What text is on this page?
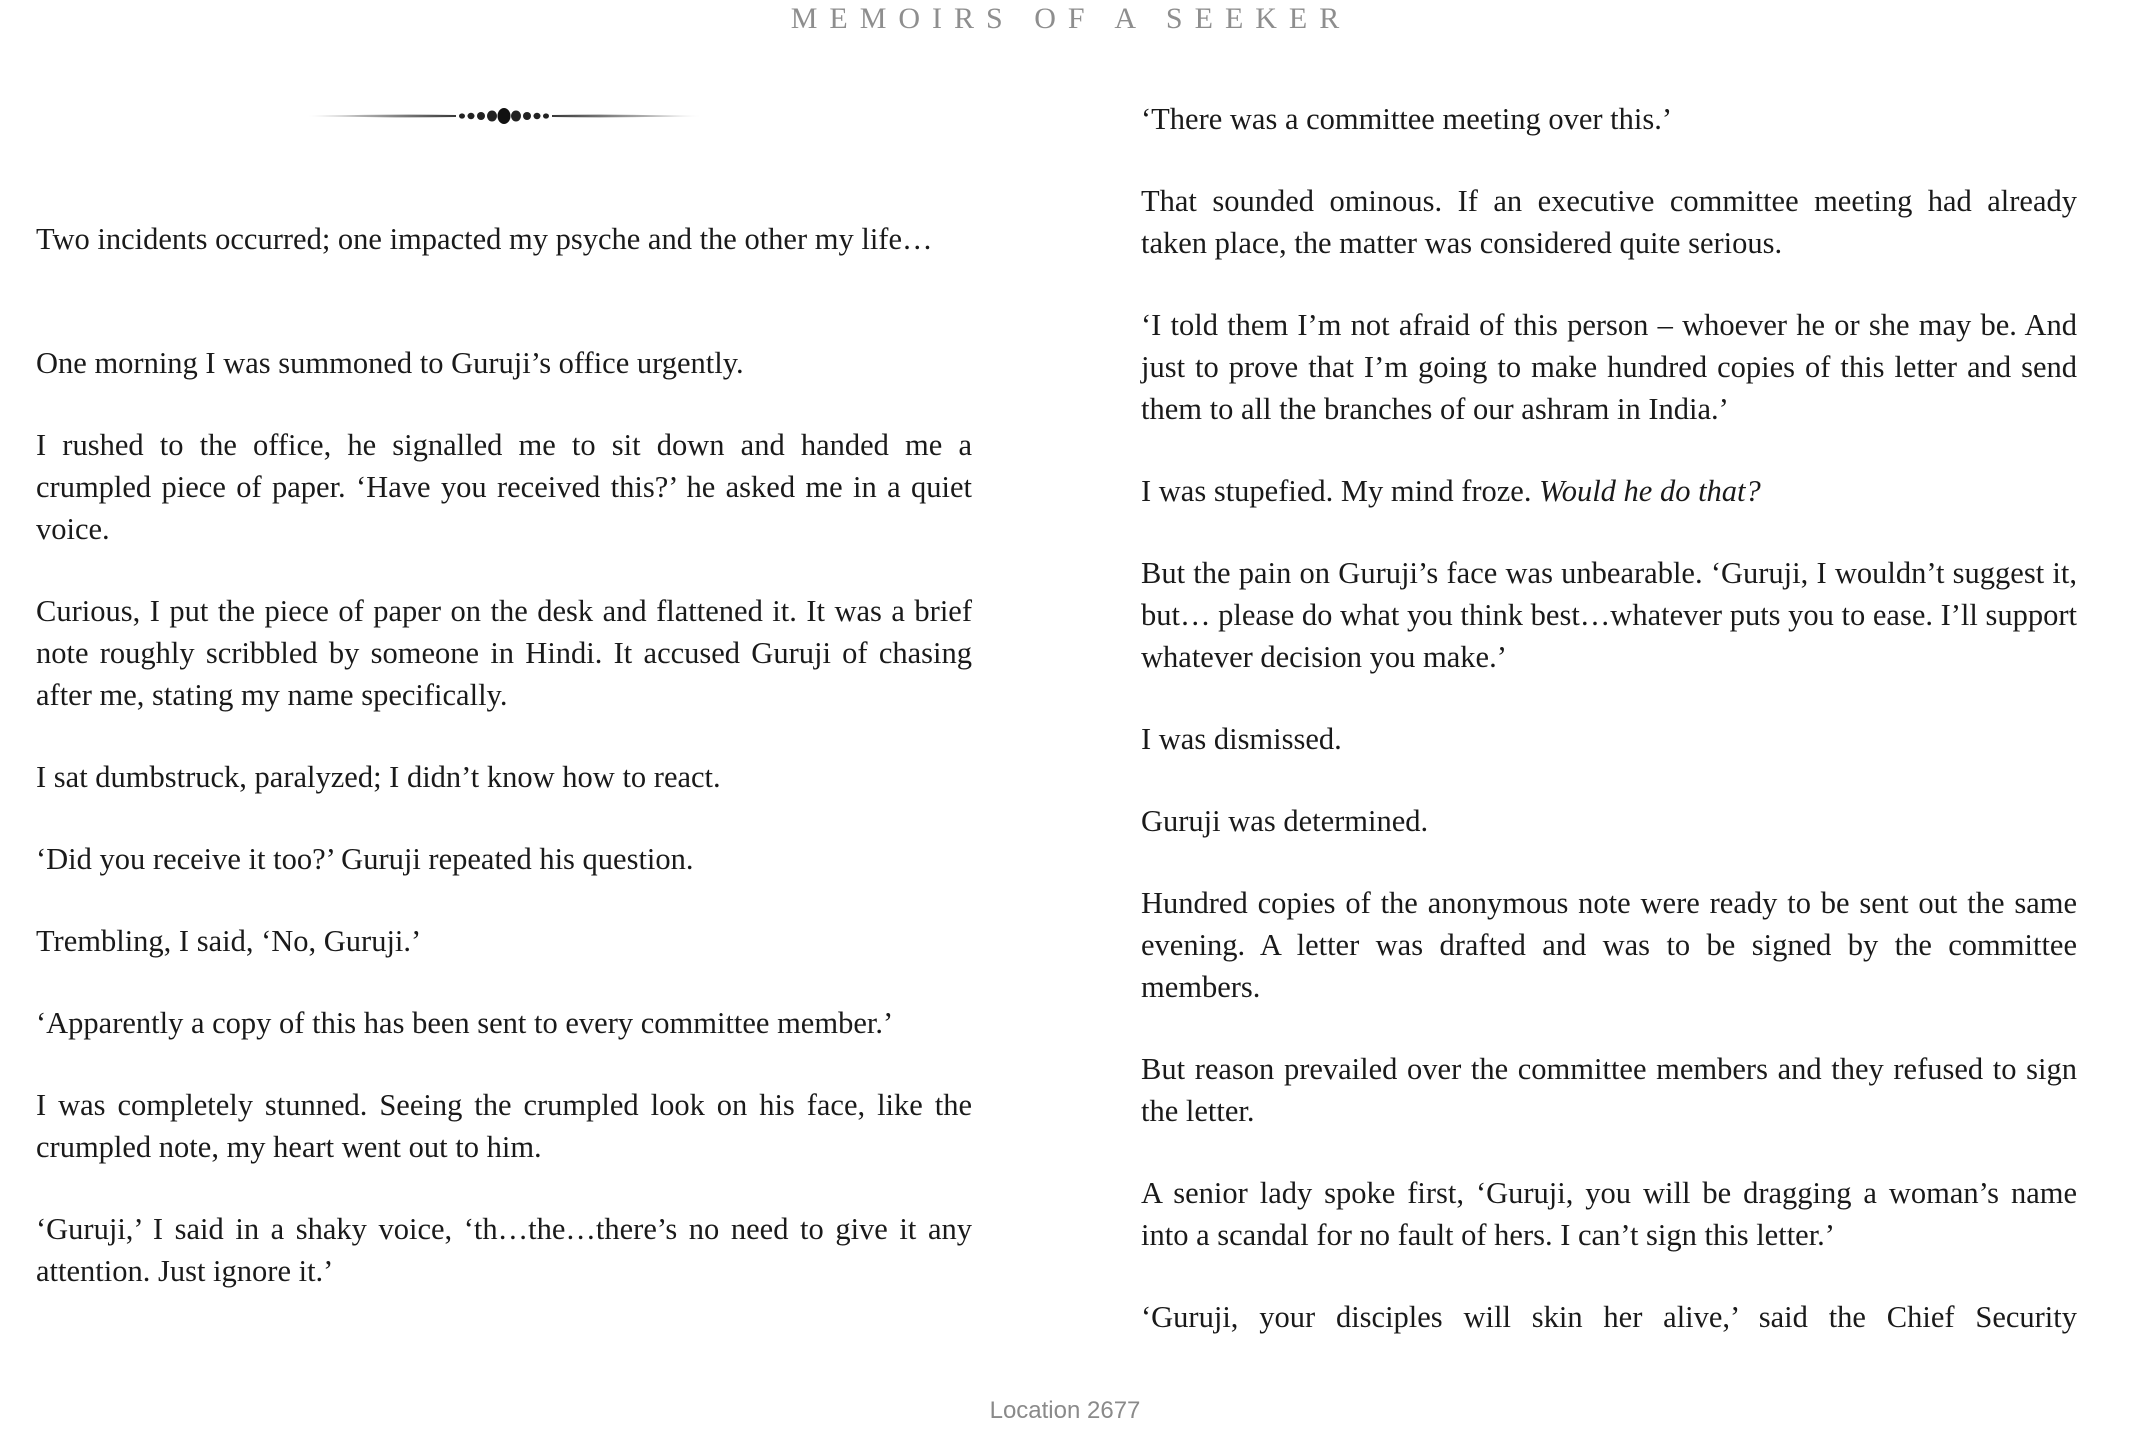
MEMOIRS OF A SEEKER

Two incidents occurred; one impacted my psyche and the other my life…

One morning I was summoned to Guruji’s office urgently.

I rushed to the office, he signalled me to sit down and handed me a crumpled piece of paper. ‘Have you received this?’ he asked me in a quiet voice.

Curious, I put the piece of paper on the desk and flattened it. It was a brief note roughly scribbled by someone in Hindi. It accused Guruji of chasing after me, stating my name specifically.

I sat dumbstruck, paralyzed; I didn’t know how to react.

‘Did you receive it too?’ Guruji repeated his question.

Trembling, I said, ‘No, Guruji.’

‘Apparently a copy of this has been sent to every committee member.’

I was completely stunned. Seeing the crumpled look on his face, like the crumpled note, my heart went out to him.

‘Guruji,’ I said in a shaky voice, ‘th…the…there’s no need to give it any attention. Just ignore it.’

‘There was a committee meeting over this.’

That sounded ominous. If an executive committee meeting had already taken place, the matter was considered quite serious.

‘I told them I’m not afraid of this person – whoever he or she may be. And just to prove that I’m going to make hundred copies of this letter and send them to all the branches of our ashram in India.’

I was stupefied. My mind froze. Would he do that?

But the pain on Guruji’s face was unbearable. ‘Guruji, I wouldn’t suggest it, but… please do what you think best…whatever puts you to ease. I’ll support whatever decision you make.’

I was dismissed.

Guruji was determined.

Hundred copies of the anonymous note were ready to be sent out the same evening. A letter was drafted and was to be signed by the committee members.

But reason prevailed over the committee members and they refused to sign the letter.

A senior lady spoke first, ‘Guruji, you will be dragging a woman’s name into a scandal for no fault of hers. I can’t sign this letter.’

‘Guruji, your disciples will skin her alive,’ said the Chief Security

Location 2677
